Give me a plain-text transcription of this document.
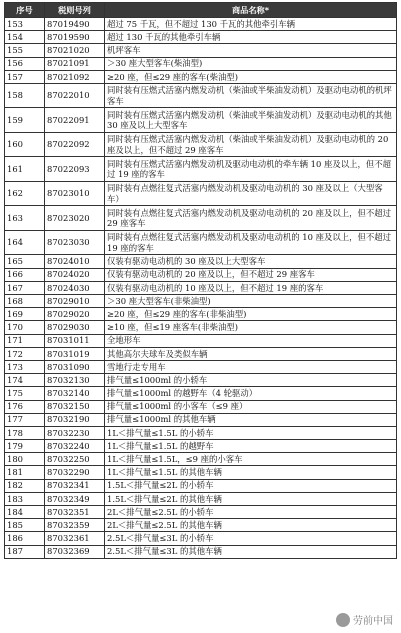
序号	税则号列	商品名称*
153	87019490	超过 75 千瓦，但不超过 130 千瓦的其他牵引车辆
154	87019590	超过 130 千瓦的其他牵引车辆
155	87021020	机坪客车
156	87021091	＞30 座大型客车(柴油型)
157	87021092	≥20 座，但≤29 座的客车(柴油型)
158	87022010	同时装有压燃式活塞内燃发动机（柴油或半柴油发动机）及驱动电动机的机坪客车
159	87022091	同时装有压燃式活塞内燃发动机（柴油或半柴油发动机）及驱动电动机的其他 30 座及以上大型客车
160	87022092	同时装有压燃式活塞内燃发动机（柴油或半柴油发动机）及驱动电动机的 20 座及以上，但不超过 29 座客车
161	87022093	同时装有压燃式活塞内燃发动机及驱动电动机的牵车辆 10 座及以上，但不超过 19 座的客车
162	87023010	同时装有点燃往复式活塞内燃发动机及驱动电动机的 30 座及以上（大型客车）
163	87023020	同时装有点燃往复式活塞内燃发动机及驱动电动机的 20 座及以上，但不超过 29 座客车
164	87023030	同时装有点燃往复式活塞内燃发动机及驱动电动机的 10 座及以上，但不超过 19 座的客车
165	87024010	仅装有驱动电动机的 30 座及以上大型客车
166	87024020	仅装有驱动电动机的 20 座及以上，但不超过 29 座客车
167	87024030	仅装有驱动电动机的 10 座及以上，但不超过 19 座的客车
168	87029010	＞30 座大型客车(非柴油型)
169	87029020	≥20 座，但≤29 座的客车(非柴油型)
170	87029030	≥10 座，但≤19 座客车(非柴油型)
171	87031011	全地形车
172	87031019	其他高尔夫球车及类似车辆
173	87031090	雪地行走专用车
174	87032130	排气量≤1000ml 的小轿车
175	87032140	排气量≤1000ml 的越野车（4 轮驱动）
176	87032150	排气量≤1000ml 的小客车（≤9 座）
177	87032190	排气量≤1000ml 的其他车辆
178	87032230	1L＜排气量≤1.5L 的小轿车
179	87032240	1L＜排气量≤1.5L 的越野车
180	87032250	1L＜排气量≤1.5L，≤9 座的小客车
181	87032290	1L＜排气量≤1.5L 的其他车辆
182	87032341	1.5L＜排气量≤2L 的小轿车
183	87032349	1.5L＜排气量≤2L 的其他车辆
184	87032351	2L＜排气量≤2.5L 的小轿车
185	87032359	2L＜排气量≤2.5L 的其他车辆
186	87032361	2.5L＜排气量≤3L 的小轿车
187	87032369	2.5L＜排气量≤3L 的其他车辆
劳前中国
